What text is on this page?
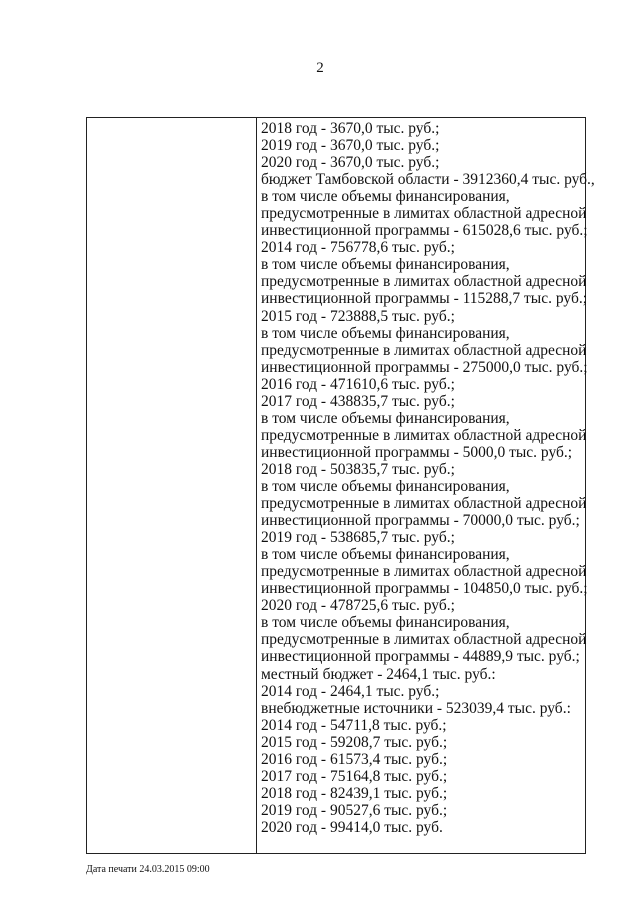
2
2018 год - 3670,0 тыс. руб.;
2019 год - 3670,0 тыс. руб.;
2020 год - 3670,0 тыс. руб.;
бюджет Тамбовской области - 3912360,4 тыс. руб.,
в том числе объемы финансирования,
предусмотренные в лимитах областной адресной
инвестиционной программы - 615028,6 тыс. руб.;
2014 год - 756778,6 тыс. руб.;
в том числе объемы финансирования,
предусмотренные в лимитах областной адресной
инвестиционной программы - 115288,7 тыс. руб.;
2015 год - 723888,5 тыс. руб.;
в том числе объемы финансирования,
предусмотренные в лимитах областной адресной
инвестиционной программы - 275000,0 тыс. руб.;
2016 год - 471610,6 тыс. руб.;
2017 год - 438835,7 тыс. руб.;
в том числе объемы финансирования,
предусмотренные в лимитах областной адресной
инвестиционной программы - 5000,0 тыс. руб.;
2018 год - 503835,7 тыс. руб.;
в том числе объемы финансирования,
предусмотренные в лимитах областной адресной
инвестиционной программы - 70000,0 тыс. руб.;
2019 год - 538685,7 тыс. руб.;
в том числе объемы финансирования,
предусмотренные в лимитах областной адресной
инвестиционной программы - 104850,0 тыс. руб.;
2020 год - 478725,6 тыс. руб.;
в том числе объемы финансирования,
предусмотренные в лимитах областной адресной
инвестиционной программы - 44889,9 тыс. руб.;
местный бюджет - 2464,1 тыс. руб.:
2014 год - 2464,1 тыс. руб.;
внебюджетные источники - 523039,4 тыс. руб.:
2014 год - 54711,8 тыс. руб.;
2015 год - 59208,7 тыс. руб.;
2016 год - 61573,4 тыс. руб.;
2017 год - 75164,8 тыс. руб.;
2018 год - 82439,1 тыс. руб.;
2019 год - 90527,6 тыс. руб.;
2020 год - 99414,0 тыс. руб.
Дата печати 24.03.2015 09:00
